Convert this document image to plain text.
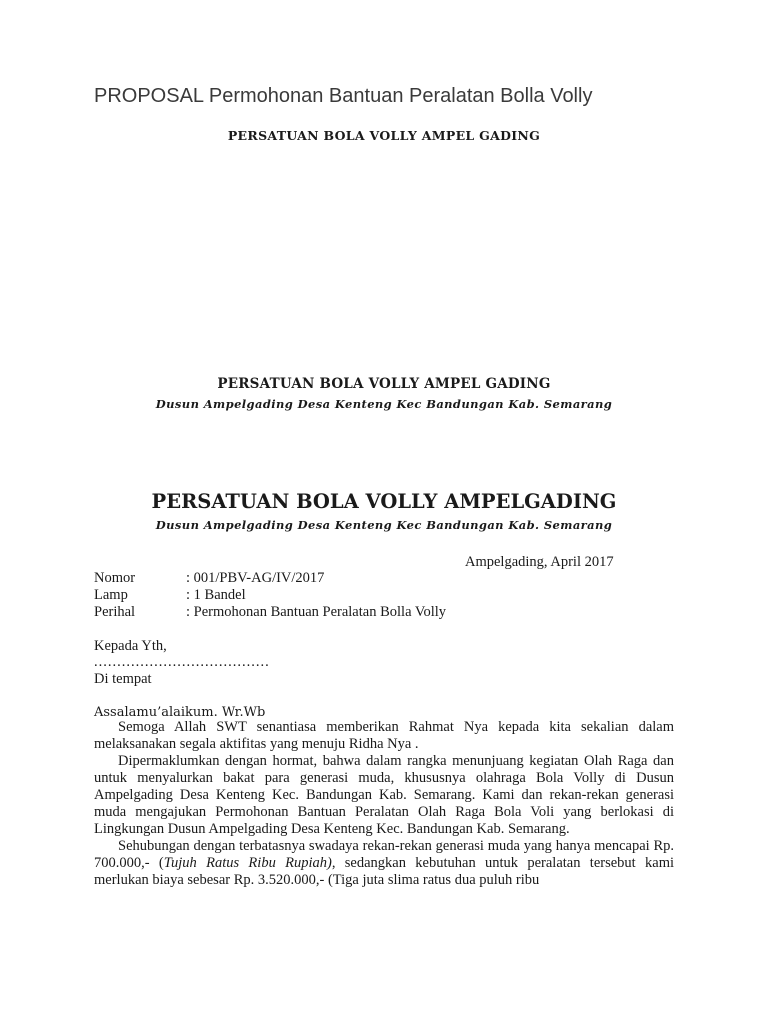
PROPOSAL Permohonan Bantuan Peralatan Bolla Volly
PERSATUAN BOLA VOLLY AMPEL GADING
PERSATUAN BOLA VOLLY AMPEL GADING
Dusun Ampelgading Desa Kenteng Kec Bandungan Kab. Semarang
PERSATUAN BOLA VOLLY AMPELGADING
Dusun Ampelgading Desa Kenteng Kec Bandungan Kab. Semarang
Ampelgading, April 2017
Nomor	: 001/PBV-AG/IV/2017
Lamp	: 1 Bandel
Perihal	: Permohonan Bantuan Peralatan Bolla Volly
Kepada Yth,
......................................
Di tempat
Assalamu’alaikum. Wr.Wb

Semoga Allah SWT senantiasa memberikan Rahmat Nya kepada kita sekalian dalam melaksanakan segala aktifitas yang menuju Ridha Nya .

Dipermaklumkan dengan hormat, bahwa dalam rangka menunjuang kegiatan Olah Raga dan untuk menyalurkan bakat para generasi muda, khususnya olahraga Bola Volly di Dusun Ampelgading Desa Kenteng Kec. Bandungan Kab. Semarang. Kami dan rekan-rekan generasi muda mengajukan Permohonan Bantuan Peralatan Olah Raga Bola Voli yang berlokasi di Lingkungan Dusun Ampelgading Desa Kenteng Kec. Bandungan Kab. Semarang.

Sehubungan dengan terbatasnya swadaya rekan-rekan generasi muda yang hanya mencapai Rp. 700.000,- (Tujuh Ratus Ribu Rupiah), sedangkan kebutuhan untuk peralatan tersebut kami merlukan biaya sebesar Rp. 3.520.000,- (Tiga juta slima ratus dua puluh ribu
